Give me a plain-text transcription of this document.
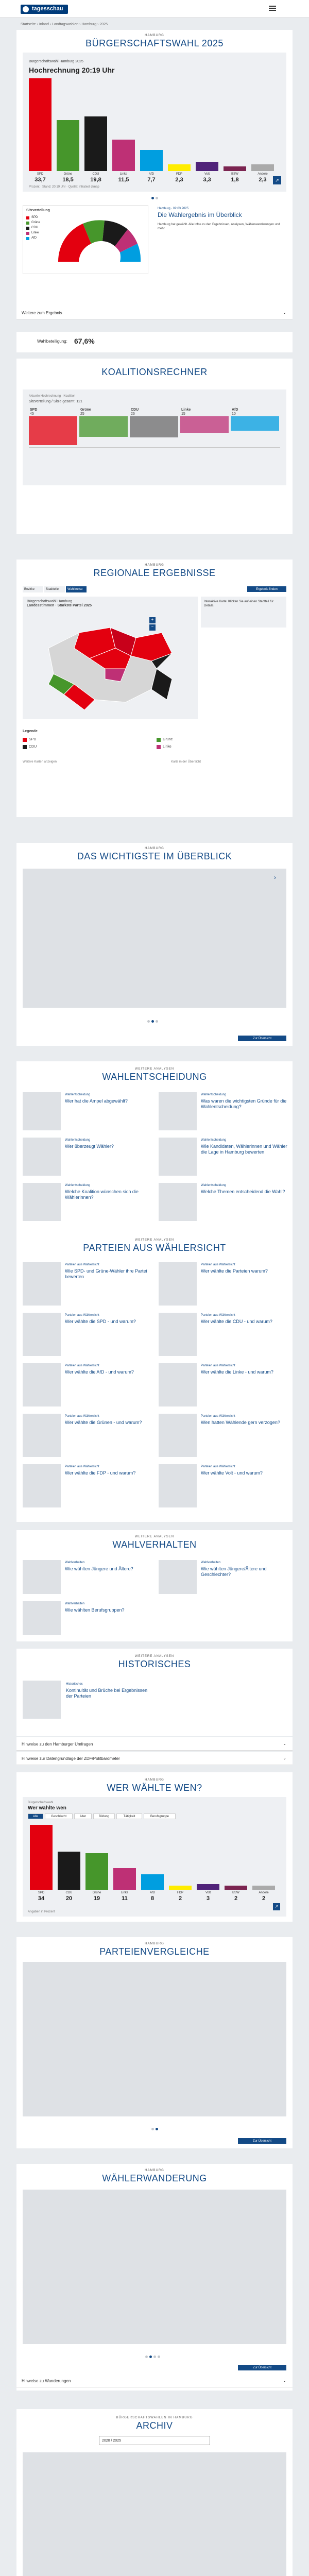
tagesschau
Startseite › Inland › Landtagswahlen › Hamburg › 2025
HAMBURG
BÜRGERSCHAFTSWAHL 2025
Bürgerschaftswahl Hamburg 2025
Hochrechnung 20:19 Uhr
SPD
33,7
Grüne
18,5
CDU
19,8
Linke
11,5
AfD
7,7
FDP
2,3
Volt
3,3
BSW
1,8
Andere
2,3
Prozent · Stand: 20:19 Uhr · Quelle: infratest dimap
↗
Sitzverteilung
SPD
Grüne
CDU
Linke
AfD
Hamburg · 02.03.2025
Die Wahlergebnis im Überblick
Hamburg hat gewählt. Alle Infos zu den Ergebnissen, Analysen, Wählerwanderungen und mehr.
Weitere zum Ergebnis	⌄
Wahlbeteiligung: 67,6%
KOALITIONSRECHNER
Aktuelle Hochrechnung · Koalition
Sitzverteilung / Sitze gesamt: 121
SPD
45
Grüne
25
CDU
26
Linke
15
AfD
10
HAMBURG
REGIONALE ERGEBNISSE
Bezirke	Stadtteile	Wahlkreise	Ergebnis finden
Bürgerschaftswahl Hamburg
Landesstimmen · Stärkste Partei 2025
+
−
Interaktive Karte: Klicken Sie auf einen Stadtteil für Details.
Legende
SPD	Grüne
CDU	Linke
Weitere Karten anzeigen	Karte in der Übersicht
HAMBURG
DAS WICHTIGSTE IM ÜBERBLICK
›
Zur Übersicht
WEITERE ANALYSEN
WAHLENTSCHEIDUNG
Wahlentscheidung
Wer hat die Ampel abgewählt?
Wahlentscheidung
Was waren die wichtigsten Gründe für die Wahlentscheidung?
Wahlentscheidung
Wer überzeugt Wähler?
Wahlentscheidung
Wie Kandidaten, Wählerinnen und Wähler die Lage in Hamburg bewerten
Wahlentscheidung
Welche Koalition wünschen sich die Wählerinnen?
Wahlentscheidung
Welche Themen entscheidend die Wahl?
WEITERE ANALYSEN
PARTEIEN AUS WÄHLERSICHT
Parteien aus Wählersicht
Wie SPD- und Grüne-Wähler ihre Partei bewerten
Parteien aus Wählersicht
Wer wählte die Parteien warum?
Parteien aus Wählersicht
Wer wählte die SPD - und warum?
Parteien aus Wählersicht
Wer wählte die CDU - und warum?
Parteien aus Wählersicht
Wer wählte die AfD - und warum?
Parteien aus Wählersicht
Wer wählte die Linke - und warum?
Parteien aus Wählersicht
Wer wählte die Grünen - und warum?
Parteien aus Wählersicht
Wen hatten Wählende gern verzogen?
Parteien aus Wählersicht
Wer wählte die FDP - und warum?
Parteien aus Wählersicht
Wer wählte Volt - und warum?
WEITERE ANALYSEN
WAHLVERHALTEN
Wahlverhalten
Wie wählten Jüngere und Ältere?
Wahlverhalten
Wie wählten Jüngere/Ältere und Geschlechter?
Wahlverhalten
Wie wählten Berufsgruppen?
WEITERE ANALYSEN
HISTORISCHES
Historisches
Kontinuität und Brüche bei Ergebnissen der Parteien
Hinweise zu den Hamburger Umfragen	⌄
Hinweise zur Datengrundlage der ZDF/Politbarometer	⌄
HAMBURG
WER WÄHLTE WEN?
Bürgerschaftswahl
Wer wählte wen
Alle	Geschlecht	Alter	Bildung	Tätigkeit	Berufsgruppe
SPD
34
CDU
20
Grüne
19
Linke
11
AfD
8
FDP
2
Volt
3
BSW
2
Andere
2
Angaben in Prozent
↗
HAMBURG
PARTEIENVERGLEICHE
Zur Übersicht
HAMBURG
WÄHLERWANDERUNG
Zur Übersicht
Hinweise zu Wanderungen	⌄
BÜRGERSCHAFTSWAHLEN IN HAMBURG
ARCHIV
2020 / 2025
